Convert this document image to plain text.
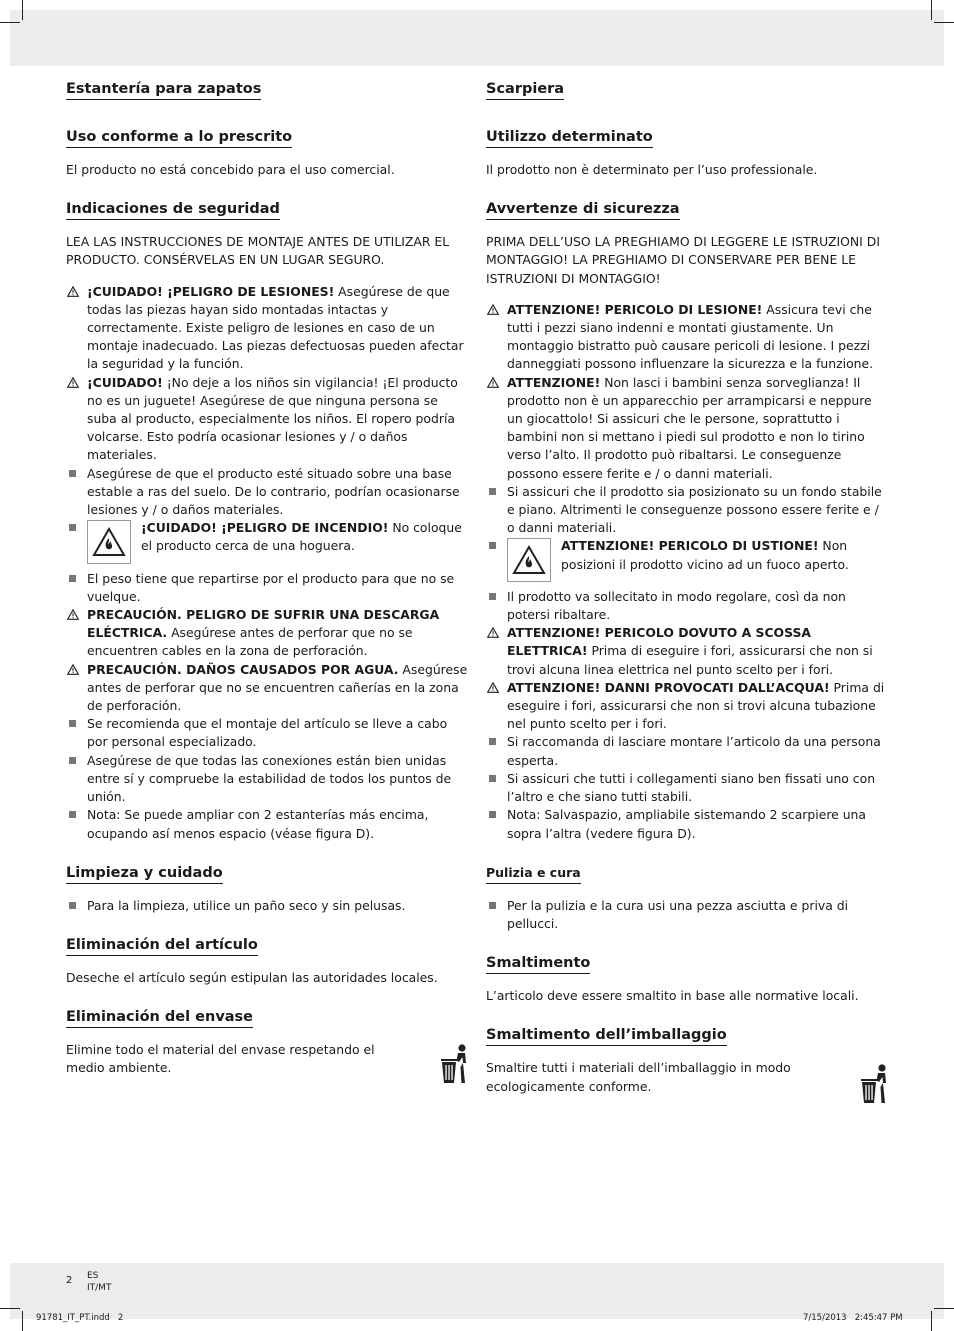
Estantería para zapatos
Uso conforme a lo prescrito

El producto no está concebido para el uso comercial.

Indicaciones de seguridad

LEA LAS INSTRUCCIONES DE MONTAJE ANTES DE UTILIZAR EL PRODUCTO. CONSÉRVELAS EN UN LUGAR SEGURO.

¡CUIDADO! ¡PELIGRO DE LESIONES! Asegúrese de que todas las piezas hayan sido montadas intactas y correctamente. Existe peligro de lesiones en caso de un montaje inadecuado. Las piezas defectuosas pueden afectar la seguridad y la función.
¡CUIDADO! ¡No deje a los niños sin vigilancia! ¡El producto no es un juguete! Asegúrese de que ninguna persona se suba al producto, especialmente los niños. El ropero podría volcarse. Esto podría ocasionar lesiones y / o daños materiales.
Asegúrese de que el producto esté situado sobre una base estable a ras del suelo. De lo contrario, podrían ocasionarse lesiones y / o daños materiales.
¡CUIDADO! ¡PELIGRO DE INCENDIO! No coloque el producto cerca de una hoguera.
El peso tiene que repartirse por el producto para que no se vuelque.
PRECAUCIÓN. PELIGRO DE SUFRIR UNA DESCARGA ELÉCTRICA. Asegúrese antes de perforar que no se encuentren cables en la zona de perforación.
PRECAUCIÓN. DAÑOS CAUSADOS POR AGUA. Asegúrese antes de perforar que no se encuentren cañerías en la zona de perforación.
Se recomienda que el montaje del artículo se lleve a cabo por personal especializado.
Asegúrese de que todas las conexiones están bien unidas entre sí y compruebe la estabilidad de todos los puntos de unión.
Nota: Se puede ampliar con 2 estanterías más encima, ocupando así menos espacio (véase figura D).
Limpieza y cuidado
Para la limpieza, utilice un paño seco y sin pelusas.
Eliminación del artículo

Deseche el artículo según estipulan las autoridades locales.

Eliminación del envase

Elimine todo el material del envase respetando el medio ambiente.

Scarpiera
Utilizzo determinato

Il prodotto non è determinato per l’uso professionale.

Avvertenze di sicurezza

PRIMA DELL’USO LA PREGHIAMO DI LEGGERE LE ISTRUZIONI DI MONTAGGIO! LA PREGHIAMO DI CONSERVARE PER BENE LE ISTRUZIONI DI MONTAGGIO!

ATTENZIONE! PERICOLO DI LESIONE! Assicura tevi che tutti i pezzi siano indenni e montati giustamente. Un montaggio bistratto può causare pericoli di lesione. I pezzi danneggiati possono influenzare la sicurezza e la funzione.
ATTENZIONE! Non lasci i bambini senza sorveglianza! Il prodotto non è un apparecchio per arrampicarsi e neppure un giocattolo! Si assicuri che le persone, soprattutto i bambini non si mettano i piedi sul prodotto e non lo tirino verso l’alto. Il prodotto può ribaltarsi. Le conseguenze possono essere ferite e / o danni materiali.
Si assicuri che il prodotto sia posizionato su un fondo stabile e piano. Altrimenti le conseguenze possono essere ferite e / o danni materiali.
ATTENZIONE! PERICOLO DI USTIONE! Non posizioni il prodotto vicino ad un fuoco aperto.
Il prodotto va sollecitato in modo regolare, così da non potersi ribaltare.
ATTENZIONE! PERICOLO DOVUTO A SCOSSA ELETTRICA! Prima di eseguire i fori, assicurarsi che non si trovi alcuna linea elettrica nel punto scelto per i fori.
ATTENZIONE! DANNI PROVOCATI DALL’ACQUA! Prima di eseguire i fori, assicurarsi che non si trovi alcuna tubazione nel punto scelto per i fori.
Si raccomanda di lasciare montare l’articolo da una persona esperta.
Si assicuri che tutti i collegamenti siano ben fissati uno con l’altro e che siano tutti stabili.
Nota: Salvaspazio, ampliabile sistemando 2 scarpiere una sopra l’altra (vedere figura D).
Pulizia e cura
Per la pulizia e la cura usi una pezza asciutta e priva di pellucci.
Smaltimento

L’articolo deve essere smaltito in base alle normative locali.

Smaltimento dell’imballaggio

Smaltire tutti i materiali dell’imballaggio in modo ecologicamente conforme.

2 ES
IT/MT
91781_IT_PT.indd   2	7/15/2013   2:45:47 PM
